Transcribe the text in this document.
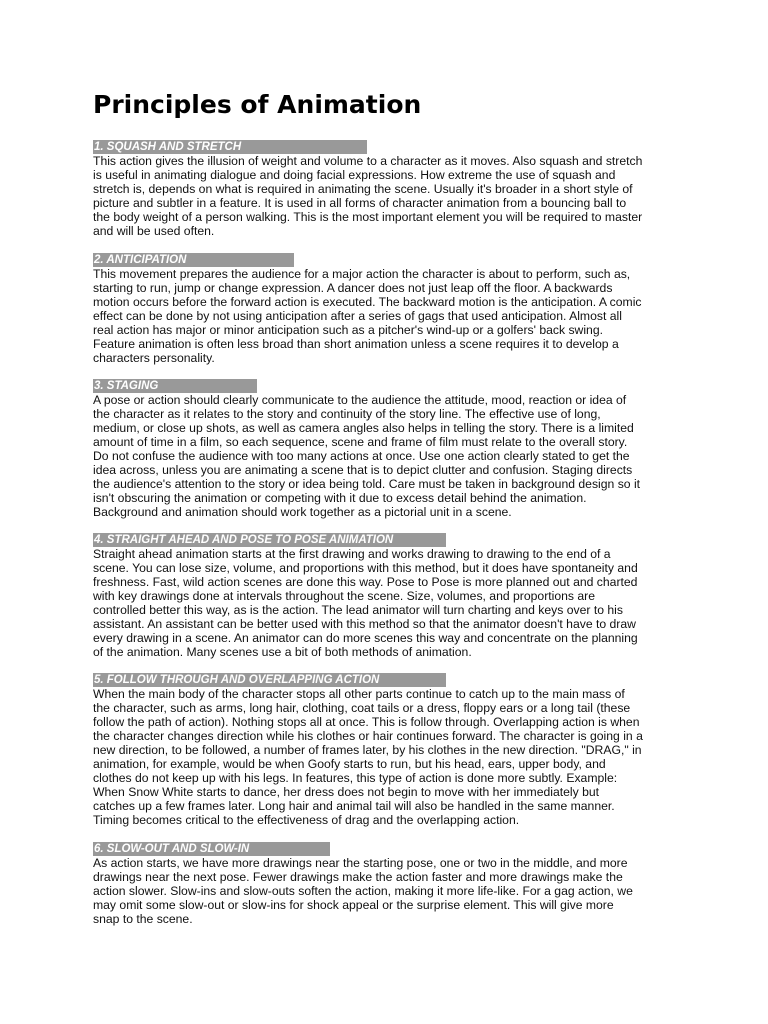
Principles of Animation
1. SQUASH AND STRETCH

This action gives the illusion of weight and volume to a character as it moves. Also squash and stretch
is useful in animating dialogue and doing facial expressions. How extreme the use of squash and
stretch is, depends on what is required in animating the scene. Usually it's broader in a short style of
picture and subtler in a feature. It is used in all forms of character animation from a bouncing ball to
the body weight of a person walking. This is the most important element you will be required to master
and will be used often.

2. ANTICIPATION

This movement prepares the audience for a major action the character is about to perform, such as,
starting to run, jump or change expression. A dancer does not just leap off the floor. A backwards
motion occurs before the forward action is executed. The backward motion is the anticipation. A comic
effect can be done by not using anticipation after a series of gags that used anticipation. Almost all
real action has major or minor anticipation such as a pitcher's wind-up or a golfers' back swing.
Feature animation is often less broad than short animation unless a scene requires it to develop a
characters personality.

3. STAGING

A pose or action should clearly communicate to the audience the attitude, mood, reaction or idea of
the character as it relates to the story and continuity of the story line. The effective use of long,
medium, or close up shots, as well as camera angles also helps in telling the story. There is a limited
amount of time in a film, so each sequence, scene and frame of film must relate to the overall story.
Do not confuse the audience with too many actions at once. Use one action clearly stated to get the
idea across, unless you are animating a scene that is to depict clutter and confusion. Staging directs
the audience's attention to the story or idea being told. Care must be taken in background design so it
isn't obscuring the animation or competing with it due to excess detail behind the animation.
Background and animation should work together as a pictorial unit in a scene.

4. STRAIGHT AHEAD AND POSE TO POSE ANIMATION

Straight ahead animation starts at the first drawing and works drawing to drawing to the end of a
scene. You can lose size, volume, and proportions with this method, but it does have spontaneity and
freshness. Fast, wild action scenes are done this way. Pose to Pose is more planned out and charted
with key drawings done at intervals throughout the scene. Size, volumes, and proportions are
controlled better this way, as is the action. The lead animator will turn charting and keys over to his
assistant. An assistant can be better used with this method so that the animator doesn't have to draw
every drawing in a scene. An animator can do more scenes this way and concentrate on the planning
of the animation. Many scenes use a bit of both methods of animation.

5. FOLLOW THROUGH AND OVERLAPPING ACTION

When the main body of the character stops all other parts continue to catch up to the main mass of
the character, such as arms, long hair, clothing, coat tails or a dress, floppy ears or a long tail (these
follow the path of action). Nothing stops all at once. This is follow through. Overlapping action is when
the character changes direction while his clothes or hair continues forward. The character is going in a
new direction, to be followed, a number of frames later, by his clothes in the new direction. "DRAG," in
animation, for example, would be when Goofy starts to run, but his head, ears, upper body, and
clothes do not keep up with his legs. In features, this type of action is done more subtly. Example:
When Snow White starts to dance, her dress does not begin to move with her immediately but
catches up a few frames later. Long hair and animal tail will also be handled in the same manner.
Timing becomes critical to the effectiveness of drag and the overlapping action.

6. SLOW-OUT AND SLOW-IN

As action starts, we have more drawings near the starting pose, one or two in the middle, and more
drawings near the next pose. Fewer drawings make the action faster and more drawings make the
action slower. Slow-ins and slow-outs soften the action, making it more life-like. For a gag action, we
may omit some slow-out or slow-ins for shock appeal or the surprise element. This will give more
snap to the scene.
